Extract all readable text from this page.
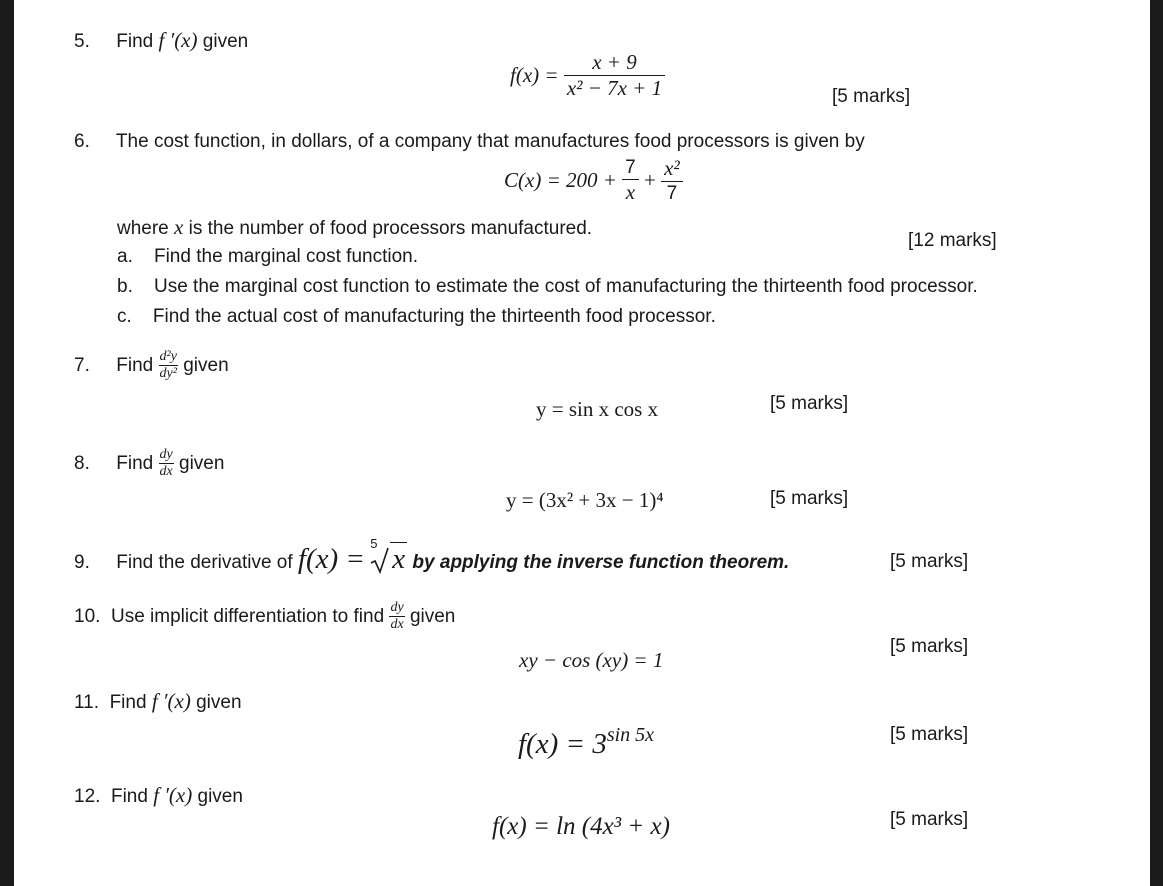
5. Find f ′(x) given
$f(x) = \frac{x + 9}{\text{x² − 7x + 1}}$	[5 marks]
6. The cost function, in dollars, of a company that manufactures food processors is given by
$C(x) = 200 + \frac{7}{x} + \frac{\text{x²}}{7}$
where x is the number of food processors manufactured.
[12 marks]
a. Find the marginal cost function.
b. Use the marginal cost function to estimate the cost of manufacturing the thirteenth food processor.
c. Find the actual cost of manufacturing the thirteenth food processor.
7. Find $\frac{\text{d²y}}{\text{dy²}}$ given
y = sin x cos x	[5 marks]
8. Find $\frac{dy}{dx}$ given
y = (3x² + 3x − 1)⁴	[5 marks]
9. Find the derivative of f(x) = 5 x by applying the inverse function theorem.	[5 marks]
10. Use implicit differentiation to find $\frac{dy}{dx}$ given
xy − cos (xy) = 1
[5 marks]
11. Find f ′(x) given
$f(x) = 3^{sin 5x}$	[5 marks]
12. Find f ′(x) given
f(x) = ln (4x³ + x)	[5 marks]
